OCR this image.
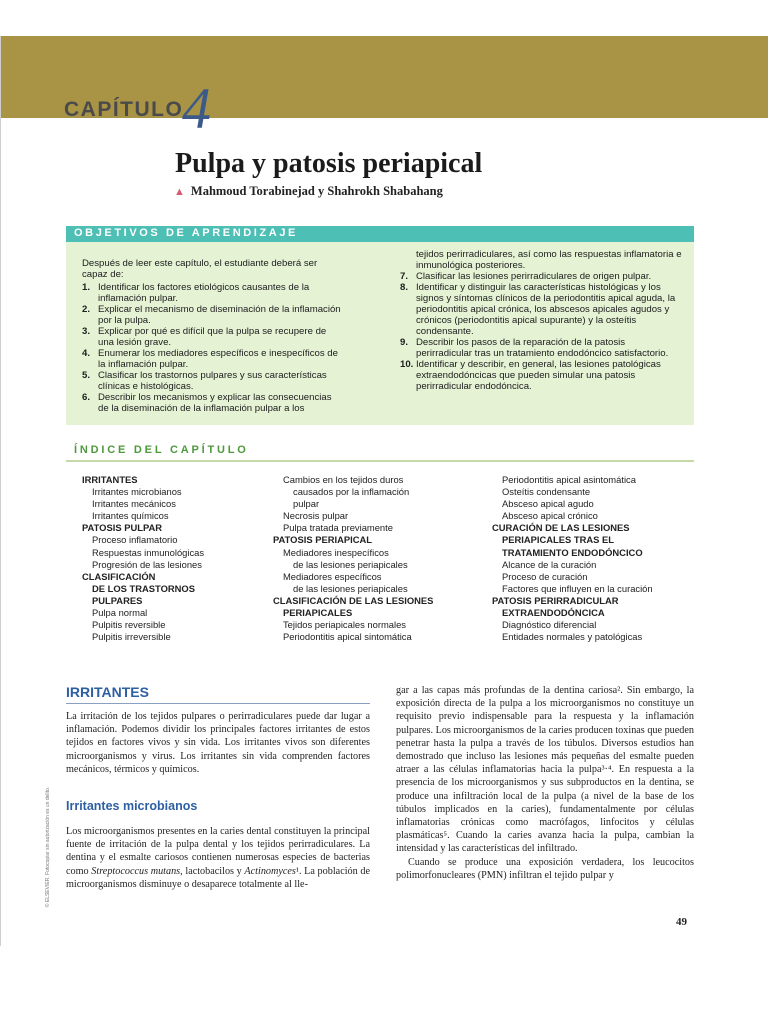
CAPÍTULO
4
Pulpa y patosis periapical
▲ Mahmoud Torabinejad y Shahrokh Shabahang
OBJETIVOS DE APRENDIZAJE
Después de leer este capítulo, el estudiante deberá ser capaz de:
1. Identificar los factores etiológicos causantes de la inflamación pulpar.
2. Explicar el mecanismo de diseminación de la inflamación por la pulpa.
3. Explicar por qué es difícil que la pulpa se recupere de una lesión grave.
4. Enumerar los mediadores específicos e inespecíficos de la inflamación pulpar.
5. Clasificar los trastornos pulpares y sus características clínicas e histológicas.
6. Describir los mecanismos y explicar las consecuencias de la diseminación de la inflamación pulpar a los
tejidos perirradiculares, así como las respuestas inflamatoria e inmunológica posteriores.
7. Clasificar las lesiones perirradiculares de origen pulpar.
8. Identificar y distinguir las características histológicas y los signos y síntomas clínicos de la periodontitis apical aguda, la periodontitis apical crónica, los abscesos apicales agudos y crónicos (periodontitis apical supurante) y la osteítis condensante.
9. Describir los pasos de la reparación de la patosis perirradicular tras un tratamiento endodóncico satisfactorio.
10. Identificar y describir, en general, las lesiones patológicas extraendodóncicas que pueden simular una patosis perirradicular endodóncica.
ÍNDICE DEL CAPÍTULO
IRRITANTES
Irritantes microbianos
Irritantes mecánicos
Irritantes químicos
PATOSIS PULPAR
Proceso inflamatorio
Respuestas inmunológicas
Progresión de las lesiones
CLASIFICACIÓN
DE LOS TRASTORNOS
PULPARES
Pulpa normal
Pulpitis reversible
Pulpitis irreversible
Cambios en los tejidos duros
causados por la inflamación
pulpar
Necrosis pulpar
Pulpa tratada previamente
PATOSIS PERIAPICAL
Mediadores inespecíficos
de las lesiones periapicales
Mediadores específicos
de las lesiones periapicales
CLASIFICACIÓN DE LAS LESIONES
PERIAPICALES
Tejidos periapicales normales
Periodontitis apical sintomática
Periodontitis apical asintomática
Osteítis condensante
Absceso apical agudo
Absceso apical crónico
CURACIÓN DE LAS LESIONES
PERIAPICALES TRAS EL
TRATAMIENTO ENDODÓNCICO
Alcance de la curación
Proceso de curación
Factores que influyen en la curación
PATOSIS PERIRRADICULAR
EXTRAENDODÓNCICA
Diagnóstico diferencial
Entidades normales y patológicas
IRRITANTES
La irritación de los tejidos pulpares o perirradiculares puede dar lugar a inflamación. Podemos dividir los principales factores irritantes de estos tejidos en factores vivos y sin vida. Los irritantes vivos son diferentes microorganismos y virus. Los irritantes sin vida comprenden factores mecánicos, térmicos y químicos.
Irritantes microbianos
Los microorganismos presentes en la caries dental constituyen la principal fuente de irritación de la pulpa dental y los tejidos perirradiculares. La dentina y el esmalte cariosos contienen numerosas especies de bacterias como Streptococcus mutans, lactobacilos y Actinomyces¹. La población de microorganismos disminuye o desaparece totalmente al lle-
gar a las capas más profundas de la dentina cariosa². Sin embargo, la exposición directa de la pulpa a los microorganismos no constituye un requisito previo indispensable para la respuesta y la inflamación pulpares. Los microorganismos de la caries producen toxinas que pueden penetrar hasta la pulpa a través de los túbulos. Diversos estudios han demostrado que incluso las lesiones más pequeñas del esmalte pueden atraer a las células inflamatorias hacia la pulpa³·⁴. En respuesta a la presencia de los microorganismos y sus subproductos en la dentina, se produce una infiltración local de la pulpa (a nivel de la base de los túbulos implicados en la caries), fundamentalmente por células inflamatorias crónicas como macrófagos, linfocitos y células plasmáticas⁵. Cuando la caries avanza hacia la pulpa, cambian la intensidad y las características del infiltrado.
Cuando se produce una exposición verdadera, los leucocitos polimorfonucleares (PMN) infiltran el tejido pulpar y
© ELSEVIER. Fotocopiar sin autorización es un delito.
49
